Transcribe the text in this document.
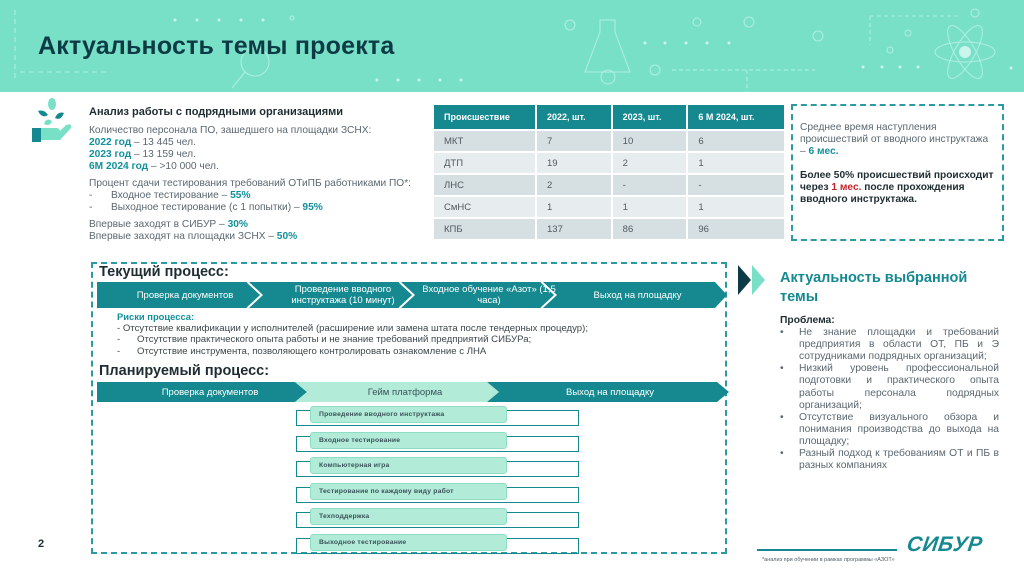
Актуальность темы проекта
Анализ работы с подрядными организациями
Количество персонала ПО, зашедшего на площадки ЗСНХ:
2022 год – 13 445 чел.
2023 год – 13 159 чел.
6М 2024 год – >10 000 чел.
Процент сдачи тестирования требований ОТиПБ работниками ПО*:
-	Входное тестирование – 55%
-	Выходное тестирование (с 1 попытки) – 95%
Впервые заходят в СИБУР – 30%
Впервые заходят на площадки ЗСНХ – 50%
Происшествие	2022, шт.	2023, шт.	6 М 2024, шт.
МКТ	7	10	6
ДТП	19	2	1
ЛНС	2	-	-
СмНС	1	1	1
КПБ	137	86	96
Среднее время наступления происшествий от вводного инструктажа – 6 мес.
Более 50% происшествий происходит через 1 мес. после прохождения вводного инструктажа.
Текущий процесс:
Проверка документов	Проведение вводного инструктажа (10 минут)
Входное обучение «Азот» (1,5 часа)	Выход на площадку
Риски процесса:
- Отсутствие квалификации у исполнителей (расширение или замена штата после тендерных процедур);
-	Отсутствие практического опыта работы и не знание требований предприятий СИБУРа;
-	Отсутствие инструмента, позволяющего контролировать ознакомление с ЛНА
Планируемый процесс:
Проверка документов	Гейм платформа	Выход на площадку
Проведение вводного инструктажа
Входное тестирование
Компьютерная игра
Тестирование по каждому виду работ
Техподдержка
Выходное тестирование
Актуальность выбранной темы
Проблема:
•	Не знание площадки и требований предприятия в области ОТ, ПБ и Э сотрудниками подрядных организаций;
•	Низкий уровень профессиональной подготовки и практического опыта работы персонала подрядных организаций;
•	Отсутствие визуального обзора и понимания производства до выхода на площадку;
•	Разный подход к требованиям ОТ и ПБ в разных компаниях
2
*анализ при обучении в рамках программы «АЗОТ»
СИБУР
